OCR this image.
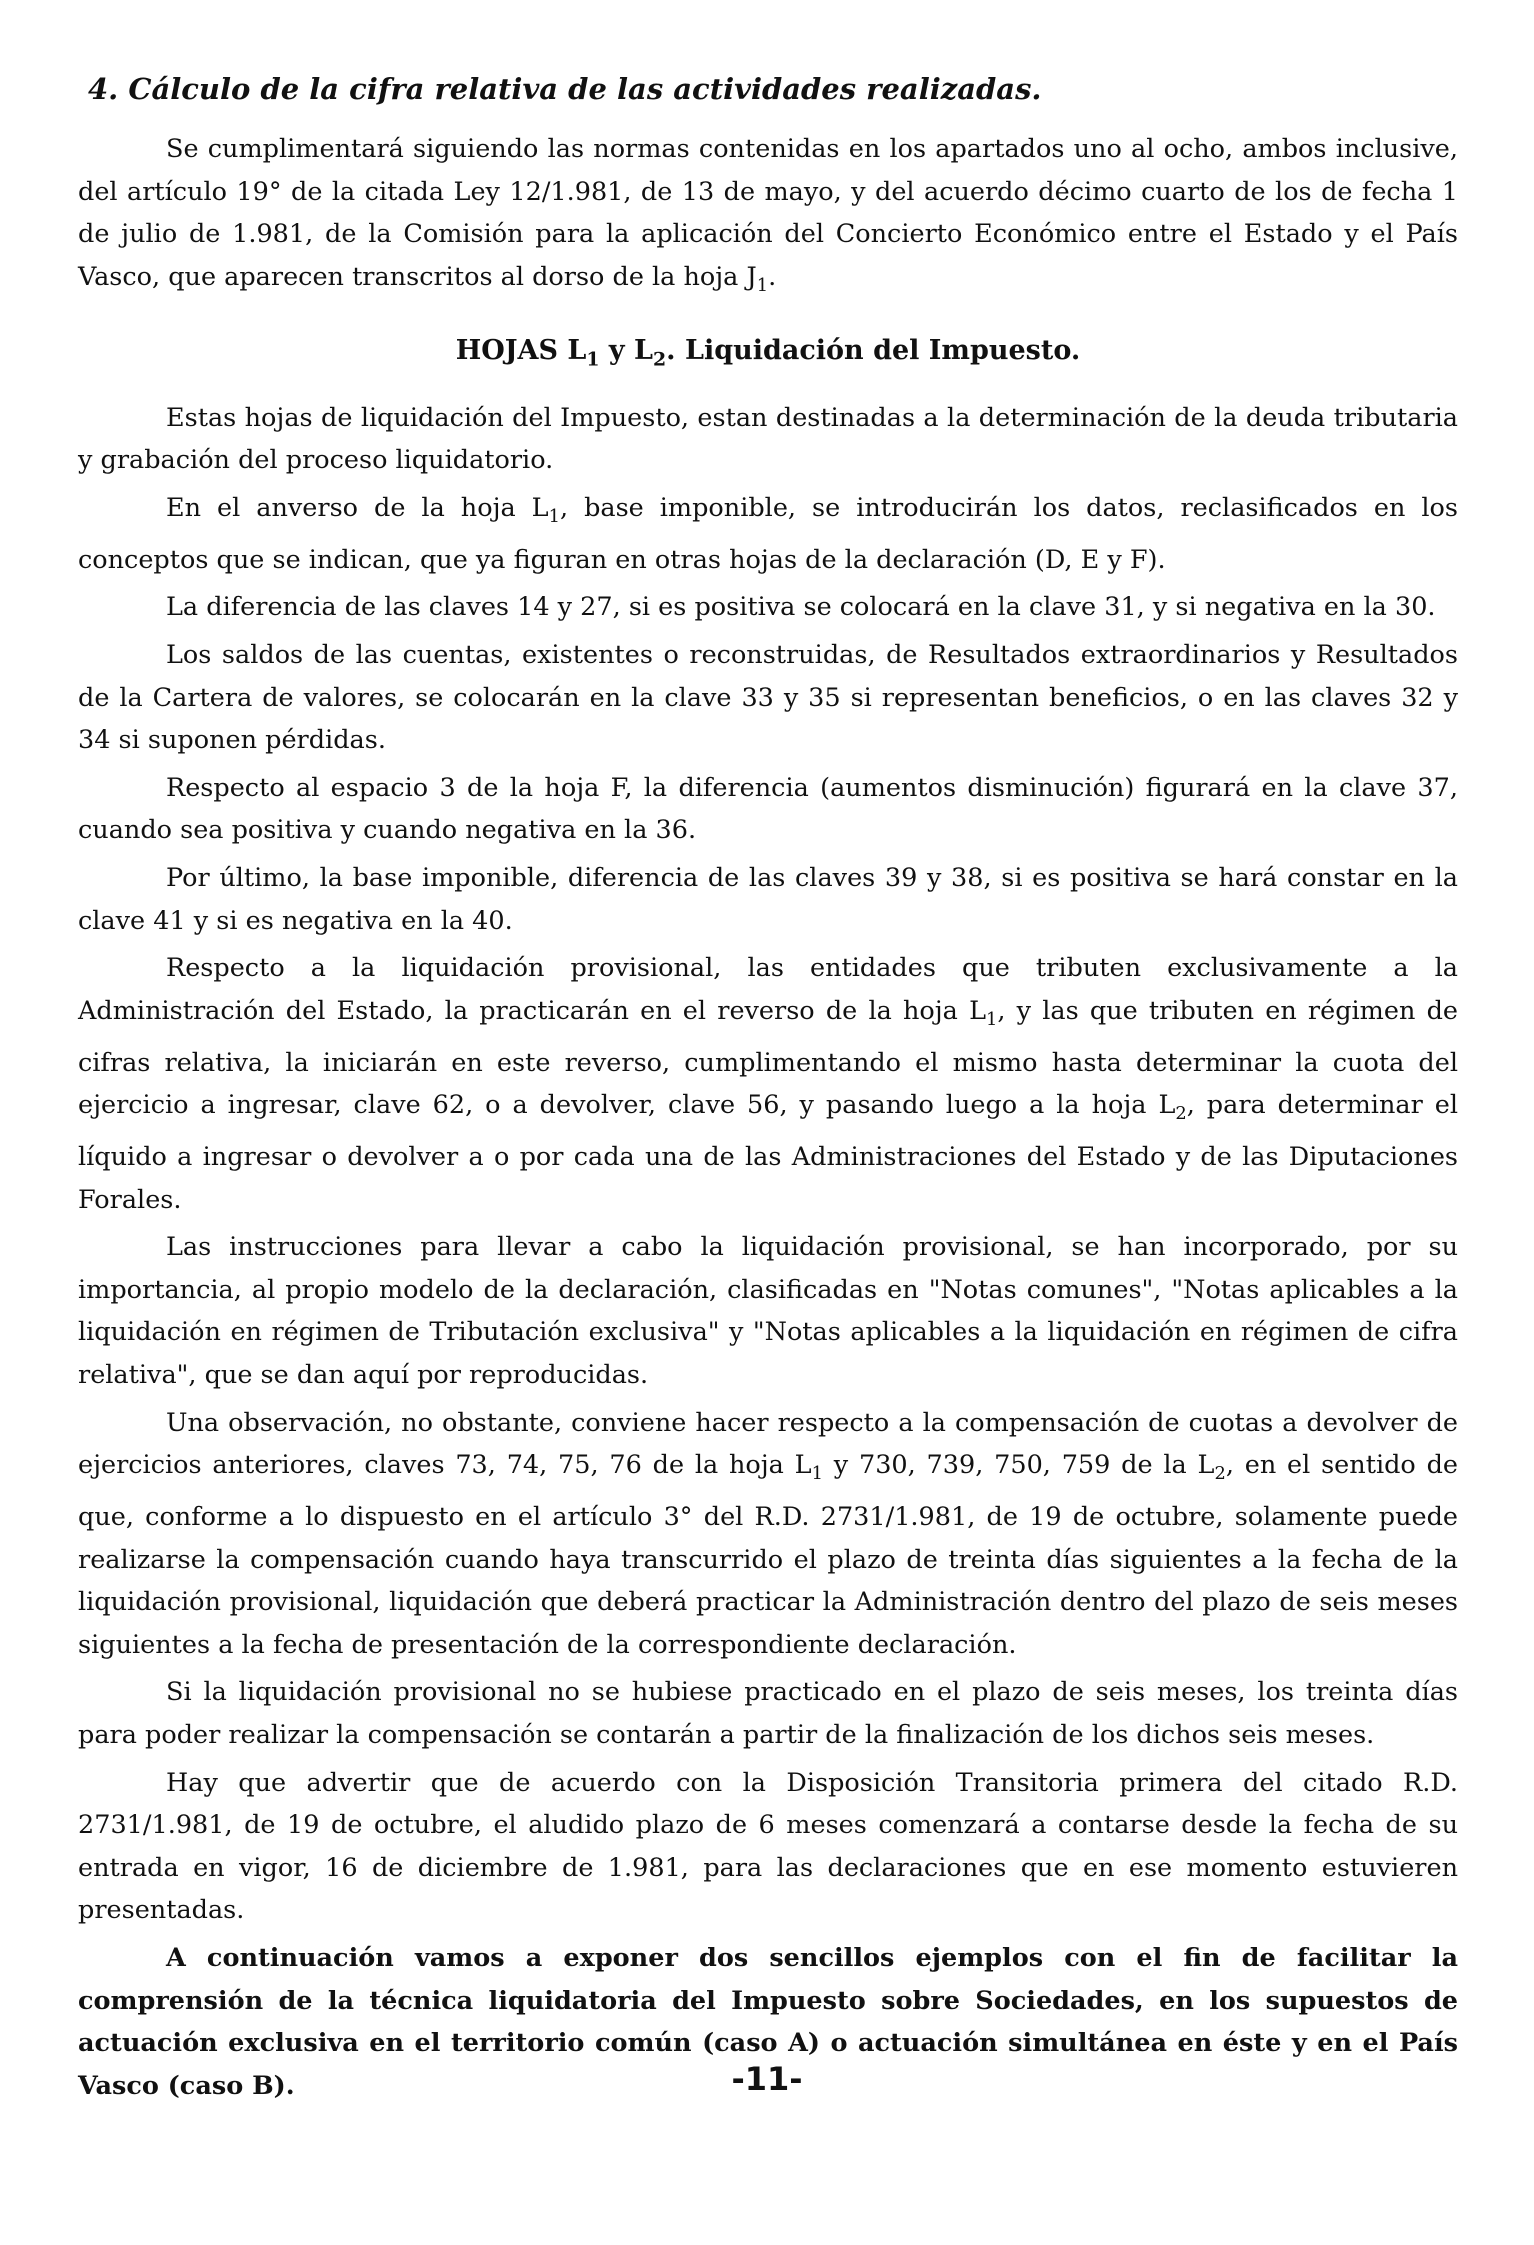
4. Cálculo de la cifra relativa de las actividades realizadas.

Se cumplimentará siguiendo las normas contenidas en los apartados uno al ocho, ambos inclusive, del artículo 19° de la citada Ley 12/1.981, de 13 de mayo, y del acuerdo décimo cuarto de los de fecha 1 de julio de 1.981, de la Comisión para la aplicación del Concierto Económico entre el Estado y el País Vasco, que aparecen transcritos al dorso de la hoja $J_1$.

HOJAS $L_1$ y $L_2$. Liquidación del Impuesto.

Estas hojas de liquidación del Impuesto, estan destinadas a la determinación de la deuda tributaria y grabación del proceso liquidatorio.

En el anverso de la hoja $L_1$, base imponible, se introducirán los datos, reclasificados en los conceptos que se indican, que ya figuran en otras hojas de la declaración (D, E y F).

La diferencia de las claves 14 y 27, si es positiva se colocará en la clave 31, y si negativa en la 30.

Los saldos de las cuentas, existentes o reconstruidas, de Resultados extraordinarios y Resultados de la Cartera de valores, se colocarán en la clave 33 y 35 si representan beneficios, o en las claves 32 y 34 si suponen pérdidas.

Respecto al espacio 3 de la hoja F, la diferencia (aumentos disminución) figurará en la clave 37, cuando sea positiva y cuando negativa en la 36.

Por último, la base imponible, diferencia de las claves 39 y 38, si es positiva se hará constar en la clave 41 y si es negativa en la 40.

Respecto a la liquidación provisional, las entidades que tributen exclusivamente a la Administración del Estado, la practicarán en el reverso de la hoja $L_1$, y las que tributen en régimen de cifras relativa, la iniciarán en este reverso, cumplimentando el mismo hasta determinar la cuota del ejercicio a ingresar, clave 62, o a devolver, clave 56, y pasando luego a la hoja $L_2$, para determinar el líquido a ingresar o devolver a o por cada una de las Administraciones del Estado y de las Diputaciones Forales.

Las instrucciones para llevar a cabo la liquidación provisional, se han incorporado, por su importancia, al propio modelo de la declaración, clasificadas en "Notas comunes", "Notas aplicables a la liquidación en régimen de Tributación exclusiva" y "Notas aplicables a la liquidación en régimen de cifra relativa", que se dan aquí por reproducidas.

Una observación, no obstante, conviene hacer respecto a la compensación de cuotas a devolver de ejercicios anteriores, claves 73, 74, 75, 76 de la hoja $L_1$ y 730, 739, 750, 759 de la $L_2$, en el sentido de que, conforme a lo dispuesto en el artículo 3° del R.D. 2731/1.981, de 19 de octubre, solamente puede realizarse la compensación cuando haya transcurrido el plazo de treinta días siguientes a la fecha de la liquidación provisional, liquidación que deberá practicar la Administración dentro del plazo de seis meses siguientes a la fecha de presentación de la correspondiente declaración.

Si la liquidación provisional no se hubiese practicado en el plazo de seis meses, los treinta días para poder realizar la compensación se contarán a partir de la finalización de los dichos seis meses.

Hay que advertir que de acuerdo con la Disposición Transitoria primera del citado R.D. 2731/1.981, de 19 de octubre, el aludido plazo de 6 meses comenzará a contarse desde la fecha de su entrada en vigor, 16 de diciembre de 1.981, para las declaraciones que en ese momento estuvieren presentadas.

A continuación vamos a exponer dos sencillos ejemplos con el fin de facilitar la comprensión de la técnica liquidatoria del Impuesto sobre Sociedades, en los supuestos de actuación exclusiva en el territorio común (caso A) o actuación simultánea en éste y en el País Vasco (caso B).	-11-
